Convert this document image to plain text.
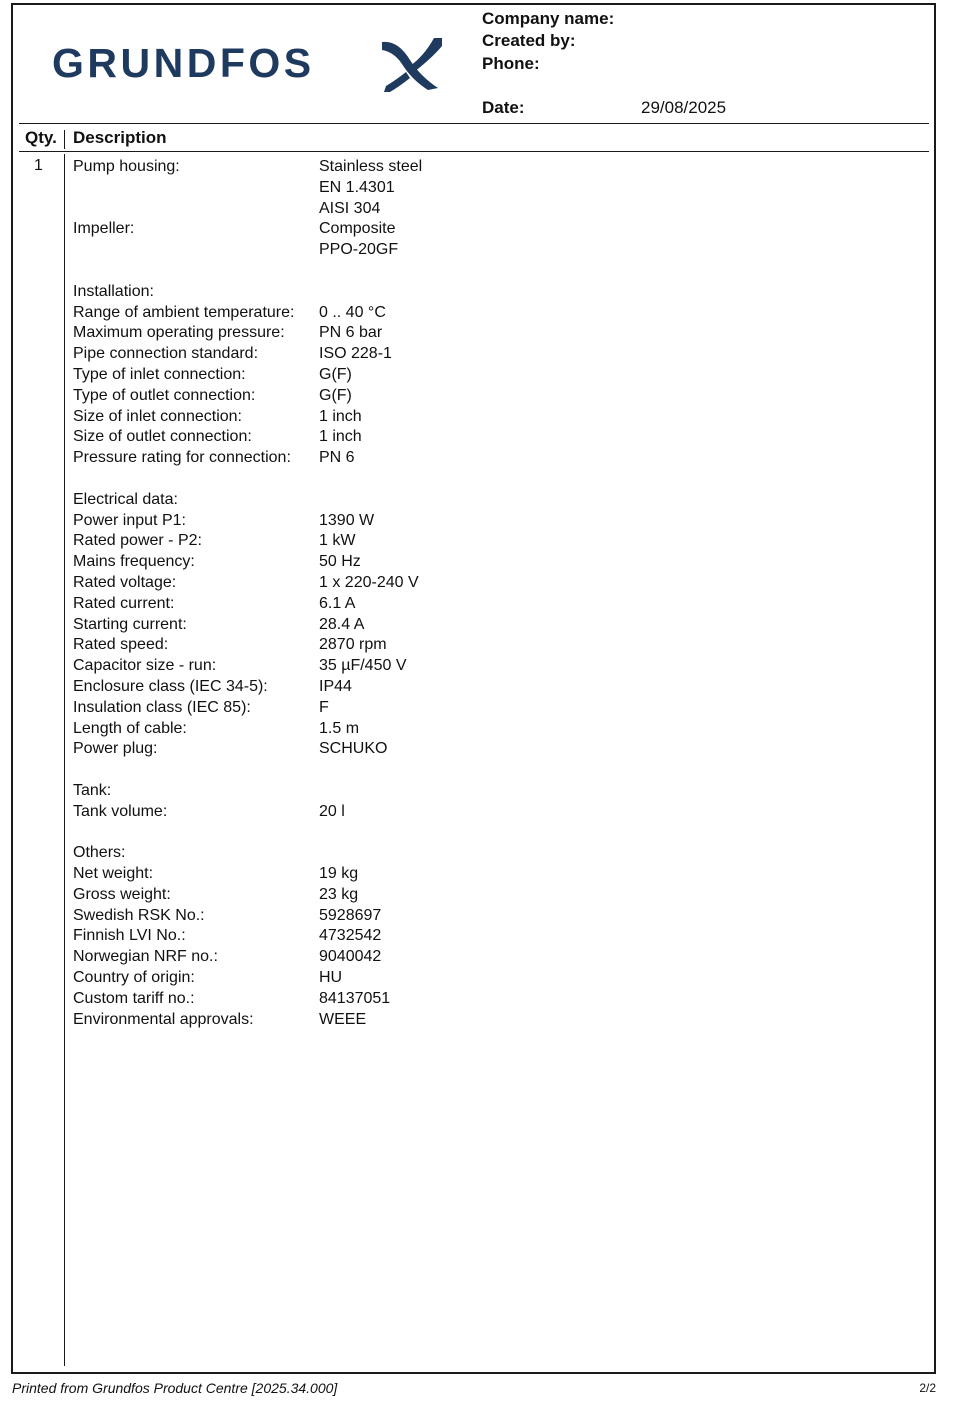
GRUNDFOS
Company name:
Created by:
Phone:
Date:	29/08/2025
Qty. Description
1 Pump housing:	Stainless steel
EN 1.4301
AISI 304
Impeller:	Composite
PPO-20GF
Installation:
Range of ambient temperature: 0 .. 40 °C
Maximum operating pressure: PN 6 bar
Pipe connection standard:	ISO 228-1
Type of inlet connection:	G(F)
Type of outlet connection:	G(F)
Size of inlet connection:	1 inch
Size of outlet connection:	1 inch
Pressure rating for connection: PN 6
Electrical data:
Power input P1:	1390 W
Rated power - P2:	1 kW
Mains frequency:	50 Hz
Rated voltage:	1 x 220-240 V
Rated current:	6.1 A
Starting current:	28.4 A
Rated speed:	2870 rpm
Capacitor size - run:	35 µF/450 V
Enclosure class (IEC 34-5):	IP44
Insulation class (IEC 85):	F
Length of cable:	1.5 m
Power plug:	SCHUKO
Tank:
Tank volume:	20 l
Others:
Net weight:	19 kg
Gross weight:	23 kg
Swedish RSK No.:	5928697
Finnish LVI No.:	4732542
Norwegian NRF no.:	9040042
Country of origin:	HU
Custom tariff no.:	84137051
Environmental approvals:	WEEE
Printed from Grundfos Product Centre [2025.34.000]	2/2
